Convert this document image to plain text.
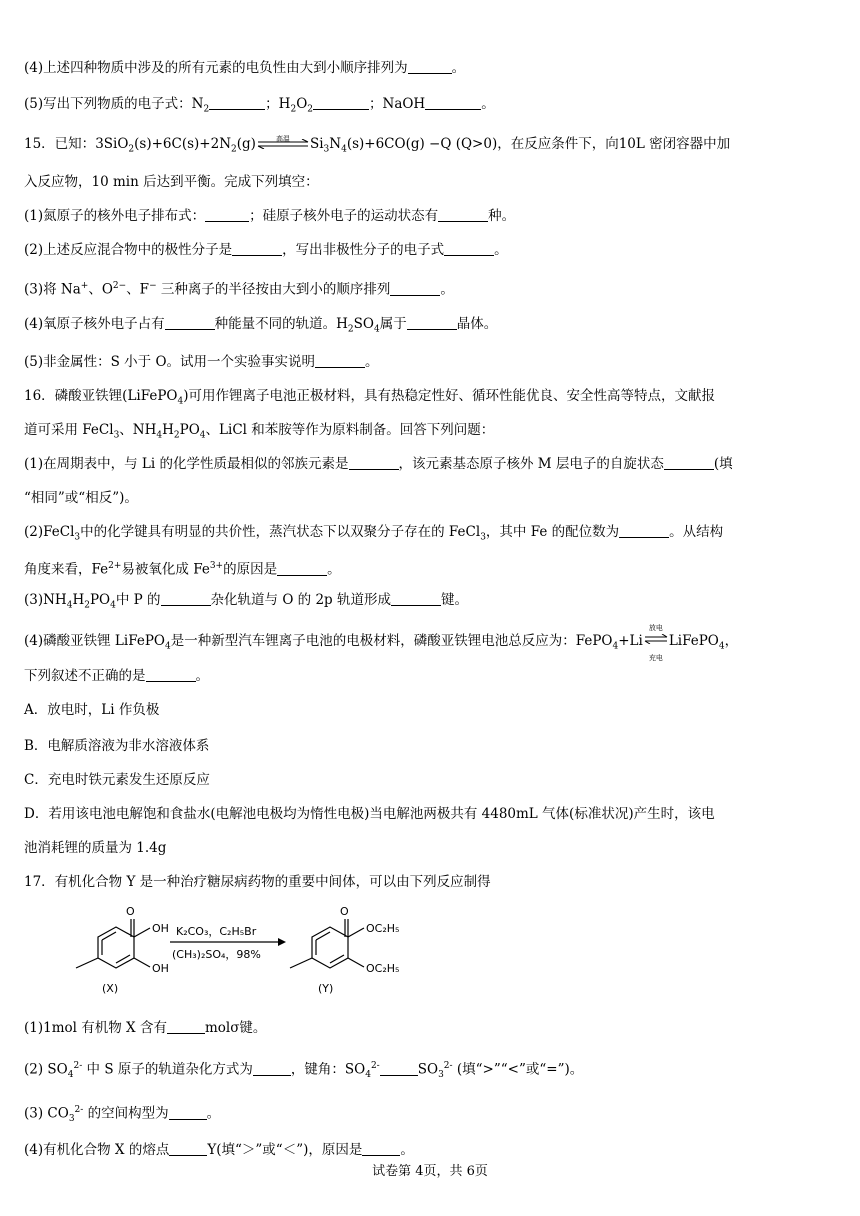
(4)上述四种物质中涉及的所有元素的电负性由大到小顺序排列为	。
(5)写出下列物质的电子式：$N_2$	；$H_2O_2$	；NaOH	。
15．已知：$3SiO_2(s)+6C(s)+2N_2(g)$	高温	$Si_3N_4(s)+6CO(g) -Q$ (Q>0)，在反应条件下，向10L 密闭容器中加
入反应物，10 min 后达到平衡。完成下列填空：
(1)氮原子的核外电子排布式：	；硅原子核外电子的运动状态有	种。
(2)上述反应混合物中的极性分子是	，写出非极性分子的电子式	。
(3)将 Na+、$O^{2-}$、F− 三种离子的半径按由大到小的顺序排列	。
(4)氧原子核外电子占有	种能量不同的轨道。$H_2SO_4$属于	晶体。
(5)非金属性：S 小于 O。试用一个实验事实说明	。
16．磷酸亚铁锂(LiFePO$_4$)可用作锂离子电池正极材料，具有热稳定性好、循环性能优良、安全性高等特点，文献报
道可采用 FeCl$_3$、$NH_4H_2PO_4$、LiCl 和苯胺等作为原料制备。回答下列问题：
(1)在周期表中，与 Li 的化学性质最相似的邻族元素是	，该元素基态原子核外 M 层电子的自旋状态	(填
“相同”或“相反”)。
(2)FeCl$_3$中的化学键具有明显的共价性，蒸汽状态下以双聚分子存在的 FeCl$_3$，其中 Fe 的配位数为	。从结构
角度来看，$Fe^{2+}$易被氧化成 $Fe^{3+}$的原因是	。
$(3)NH_4H_2PO_4$中 P 的	杂化轨道与 O 的 2p 轨道形成	键。
(4)磷酸亚铁锂 LiFePO$_4$是一种新型汽车锂离子电池的电极材料，磷酸亚铁锂电池总反应为：FePO$_4$+Li
放电
充电
LiFePO$_4$，
下列叙述不正确的是	。
A．放电时，Li 作负极
B．电解质溶液为非水溶液体系
C．充电时铁元素发生还原反应
D．若用该电池电解饱和食盐水(电解池电极均为惰性电极)当电解池两极共有 4480mL 气体(标准状况)产生时，该电
池消耗锂的质量为 1.4g
17．有机化合物 Y 是一种治疗糖尿病药物的重要中间体，可以由下列反应制得
O
OH
OH
(X)
K₂CO₃，C₂H₅Br
(CH₃)₂SO₄，98%
O
OC₂H₅
OC₂H₅
(Y)
(1)1mol 有机物 X 含有	molσ键。
(2) $SO_4^{2-}$ 中 S 原子的轨道杂化方式为	，键角：$SO_4^{2-}$	$SO_3^{2-}$ (填“>”“<”或“=”)。
(3) $CO_3^{2-}$ 的空间构型为	。
(4)有机化合物 X 的熔点	Y(填“＞”或“＜”)，原因是	。
试卷第 4页，共 6页
